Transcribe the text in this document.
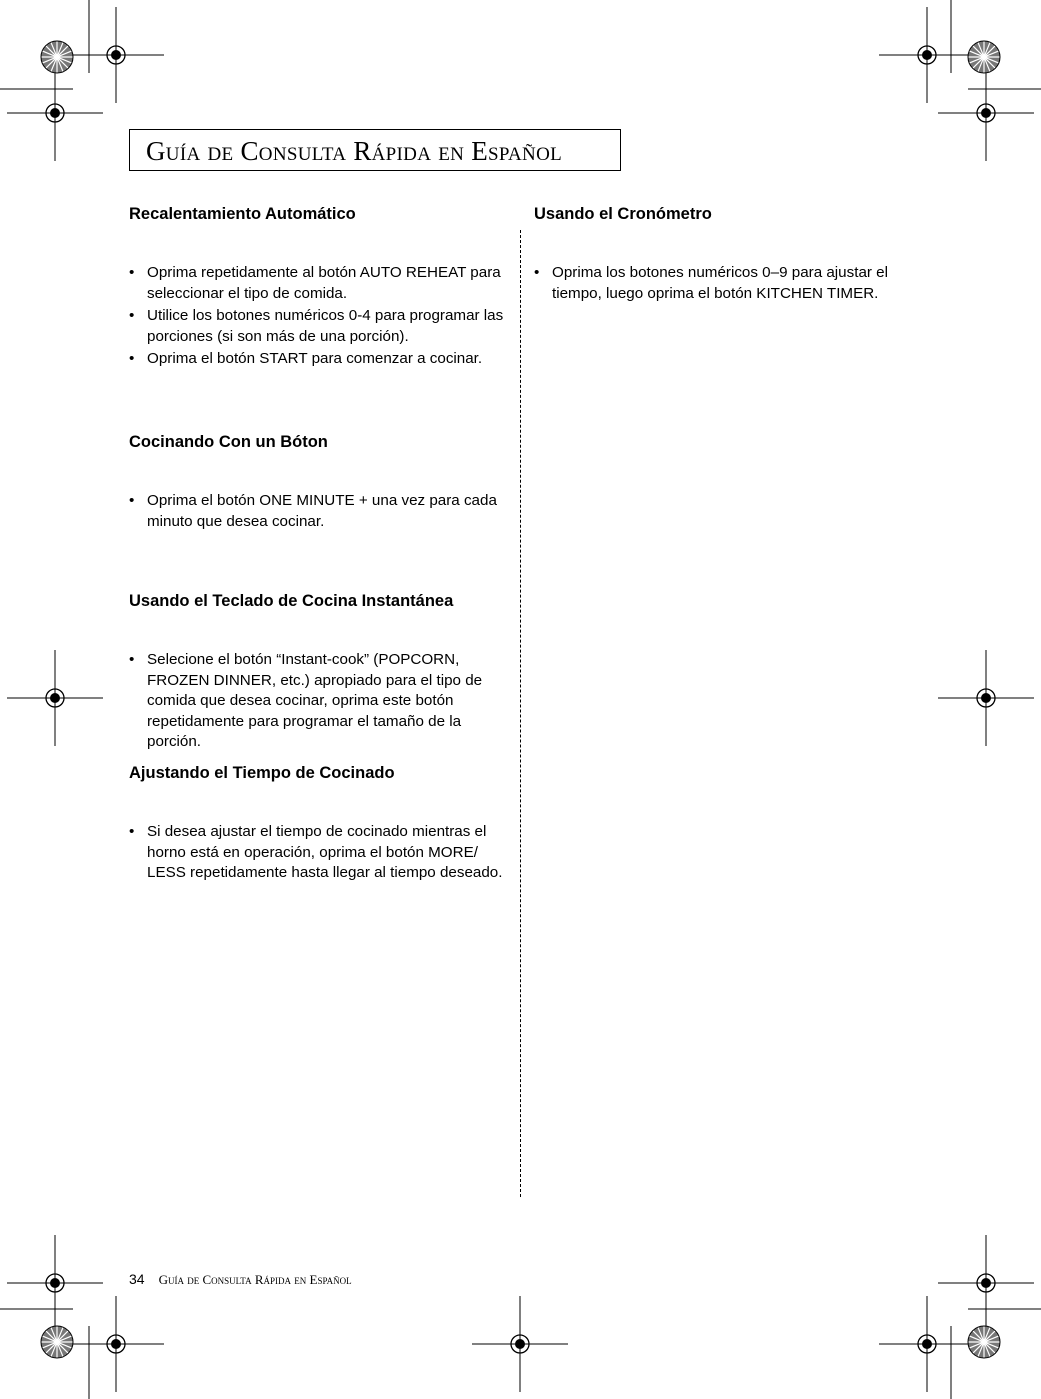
Guía de Consulta Rápida en Español
Recalentamiento Automático
• Oprima repetidamente al botón AUTO REHEAT para seleccionar el tipo de comida.
• Utilice los botones numéricos 0-4 para programar las porciones (si son más de una porción).
• Oprima el botón START para comenzar a cocinar.
Cocinando Con un Bóton
• Oprima el botón ONE MINUTE + una vez para cada minuto que desea cocinar.
Usando el Teclado de Cocina Instantánea
• Selecione el botón “Instant-cook” (POPCORN, FROZEN DINNER, etc.) apropiado para el tipo de comida que desea cocinar, oprima este botón repetidamente para programar el tamaño de la porción.
Ajustando el Tiempo de Cocinado
• Si desea ajustar el tiempo de cocinado mientras el horno está en operación, oprima el botón MORE/ LESS repetidamente hasta llegar al tiempo deseado.
Usando el Cronómetro
• Oprima los botones numéricos 0–9 para ajustar el tiempo, luego oprima el botón KITCHEN TIMER.
34 Guía de Consulta Rápida en Español
